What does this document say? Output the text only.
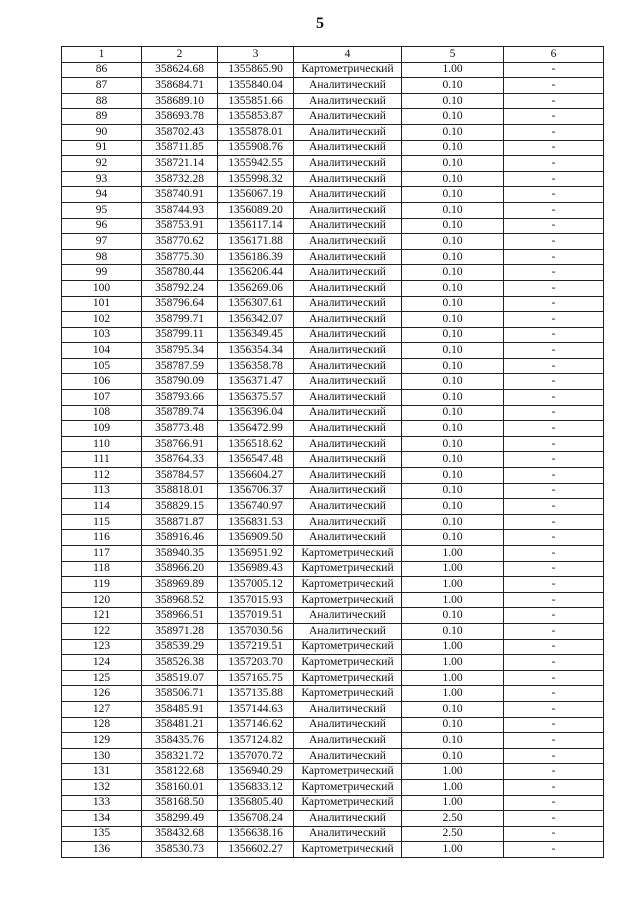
5
1	2	3	4	5	6
86	358624.68	1355865.90	Картометрический	1.00	-
87	358684.71	1355840.04	Аналитический	0.10	-
88	358689.10	1355851.66	Аналитический	0.10	-
89	358693.78	1355853.87	Аналитический	0.10	-
90	358702.43	1355878.01	Аналитический	0.10	-
91	358711.85	1355908.76	Аналитический	0.10	-
92	358721.14	1355942.55	Аналитический	0.10	-
93	358732.28	1355998.32	Аналитический	0.10	-
94	358740.91	1356067.19	Аналитический	0.10	-
95	358744.93	1356089.20	Аналитический	0.10	-
96	358753.91	1356117.14	Аналитический	0.10	-
97	358770.62	1356171.88	Аналитический	0.10	-
98	358775.30	1356186.39	Аналитический	0.10	-
99	358780.44	1356206.44	Аналитический	0.10	-
100	358792.24	1356269.06	Аналитический	0.10	-
101	358796.64	1356307.61	Аналитический	0.10	-
102	358799.71	1356342.07	Аналитический	0.10	-
103	358799.11	1356349.45	Аналитический	0.10	-
104	358795.34	1356354.34	Аналитический	0.10	-
105	358787.59	1356358.78	Аналитический	0.10	-
106	358790.09	1356371.47	Аналитический	0.10	-
107	358793.66	1356375.57	Аналитический	0.10	-
108	358789.74	1356396.04	Аналитический	0.10	-
109	358773.48	1356472.99	Аналитический	0.10	-
110	358766.91	1356518.62	Аналитический	0.10	-
111	358764.33	1356547.48	Аналитический	0.10	-
112	358784.57	1356604.27	Аналитический	0.10	-
113	358818.01	1356706.37	Аналитический	0.10	-
114	358829.15	1356740.97	Аналитический	0.10	-
115	358871.87	1356831.53	Аналитический	0.10	-
116	358916.46	1356909.50	Аналитический	0.10	-
117	358940.35	1356951.92	Картометрический	1.00	-
118	358966.20	1356989.43	Картометрический	1.00	-
119	358969.89	1357005.12	Картометрический	1.00	-
120	358968.52	1357015.93	Картометрический	1.00	-
121	358966.51	1357019.51	Аналитический	0.10	-
122	358971.28	1357030.56	Аналитический	0.10	-
123	358539.29	1357219.51	Картометрический	1.00	-
124	358526.38	1357203.70	Картометрический	1.00	-
125	358519.07	1357165.75	Картометрический	1.00	-
126	358506.71	1357135.88	Картометрический	1.00	-
127	358485.91	1357144.63	Аналитический	0.10	-
128	358481.21	1357146.62	Аналитический	0.10	-
129	358435.76	1357124.82	Аналитический	0.10	-
130	358321.72	1357070.72	Аналитический	0.10	-
131	358122.68	1356940.29	Картометрический	1.00	-
132	358160.01	1356833.12	Картометрический	1.00	-
133	358168.50	1356805.40	Картометрический	1.00	-
134	358299.49	1356708.24	Аналитический	2.50	-
135	358432.68	1356638.16	Аналитический	2.50	-
136	358530.73	1356602.27	Картометрический	1.00	-
